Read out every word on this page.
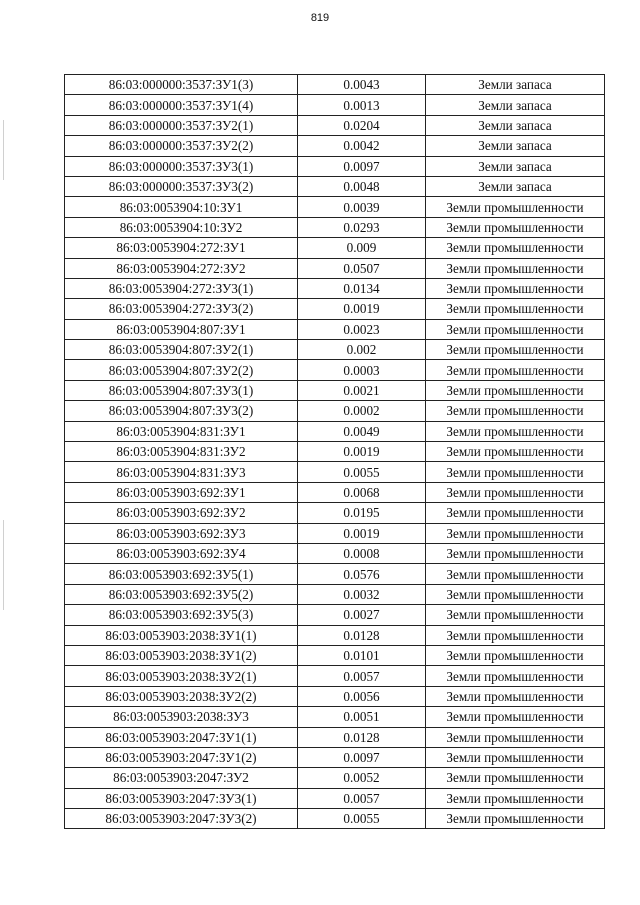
819
86:03:000000:3537:ЗУ1(3)	0.0043	Земли запаса
86:03:000000:3537:ЗУ1(4)	0.0013	Земли запаса
86:03:000000:3537:ЗУ2(1)	0.0204	Земли запаса
86:03:000000:3537:ЗУ2(2)	0.0042	Земли запаса
86:03:000000:3537:ЗУ3(1)	0.0097	Земли запаса
86:03:000000:3537:ЗУ3(2)	0.0048	Земли запаса
86:03:0053904:10:ЗУ1	0.0039	Земли промышленности
86:03:0053904:10:ЗУ2	0.0293	Земли промышленности
86:03:0053904:272:ЗУ1	0.009	Земли промышленности
86:03:0053904:272:ЗУ2	0.0507	Земли промышленности
86:03:0053904:272:ЗУ3(1)	0.0134	Земли промышленности
86:03:0053904:272:ЗУ3(2)	0.0019	Земли промышленности
86:03:0053904:807:ЗУ1	0.0023	Земли промышленности
86:03:0053904:807:ЗУ2(1)	0.002	Земли промышленности
86:03:0053904:807:ЗУ2(2)	0.0003	Земли промышленности
86:03:0053904:807:ЗУ3(1)	0.0021	Земли промышленности
86:03:0053904:807:ЗУ3(2)	0.0002	Земли промышленности
86:03:0053904:831:ЗУ1	0.0049	Земли промышленности
86:03:0053904:831:ЗУ2	0.0019	Земли промышленности
86:03:0053904:831:ЗУ3	0.0055	Земли промышленности
86:03:0053903:692:ЗУ1	0.0068	Земли промышленности
86:03:0053903:692:ЗУ2	0.0195	Земли промышленности
86:03:0053903:692:ЗУ3	0.0019	Земли промышленности
86:03:0053903:692:ЗУ4	0.0008	Земли промышленности
86:03:0053903:692:ЗУ5(1)	0.0576	Земли промышленности
86:03:0053903:692:ЗУ5(2)	0.0032	Земли промышленности
86:03:0053903:692:ЗУ5(3)	0.0027	Земли промышленности
86:03:0053903:2038:ЗУ1(1)	0.0128	Земли промышленности
86:03:0053903:2038:ЗУ1(2)	0.0101	Земли промышленности
86:03:0053903:2038:ЗУ2(1)	0.0057	Земли промышленности
86:03:0053903:2038:ЗУ2(2)	0.0056	Земли промышленности
86:03:0053903:2038:ЗУ3	0.0051	Земли промышленности
86:03:0053903:2047:ЗУ1(1)	0.0128	Земли промышленности
86:03:0053903:2047:ЗУ1(2)	0.0097	Земли промышленности
86:03:0053903:2047:ЗУ2	0.0052	Земли промышленности
86:03:0053903:2047:ЗУ3(1)	0.0057	Земли промышленности
86:03:0053903:2047:ЗУ3(2)	0.0055	Земли промышленности
